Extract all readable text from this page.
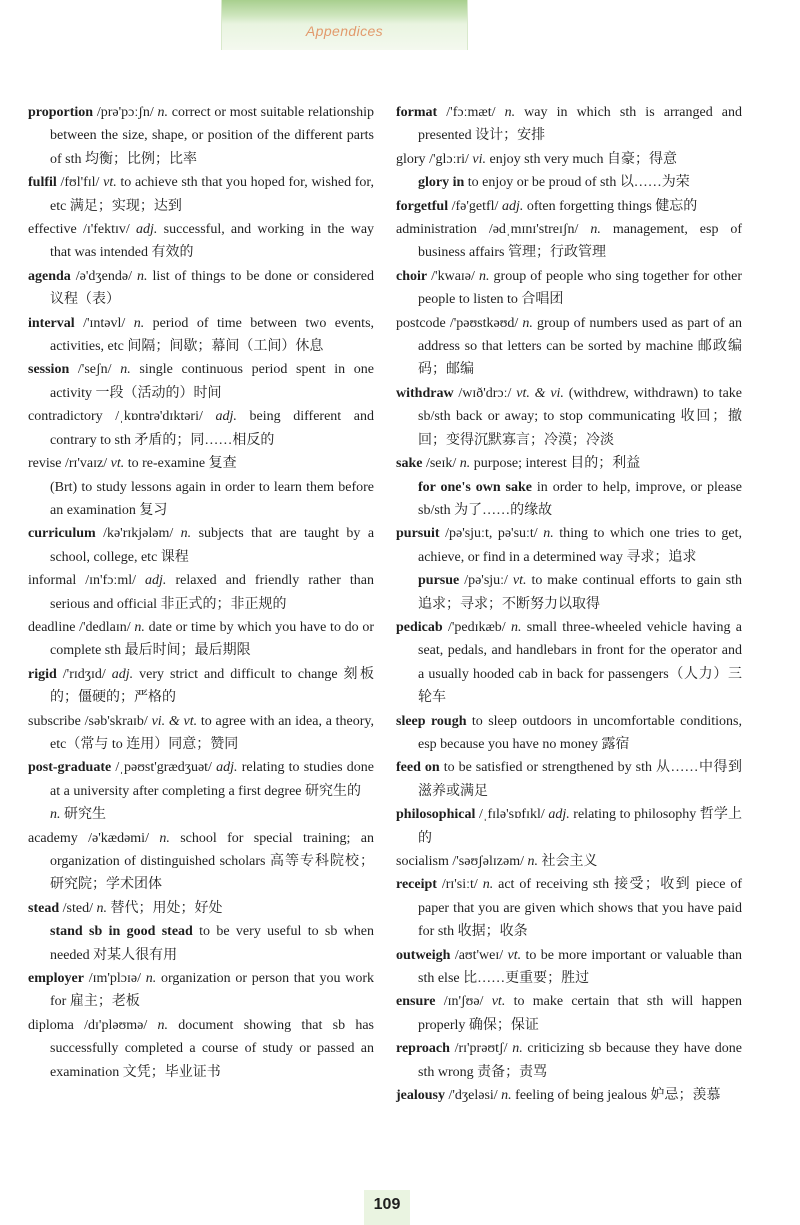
Appendices
proportion /prə'pɔːʃn/ n. correct or most suitable relationship between the size, shape, or position of the different parts of sth 均衡；比例；比率
fulfil /fʊl'fɪl/ vt. to achieve sth that you hoped for, wished for, etc 满足；实现；达到
effective /ɪ'fektɪv/ adj. successful, and working in the way that was intended 有效的
agenda /ə'dʒendə/ n. list of things to be done or considered 议程（表）
interval /'ɪntəvl/ n. period of time between two events, activities, etc 间隔；间歇；幕间（工间）休息
session /'seʃn/ n. single continuous period spent in one activity 一段（活动的）时间
contradictory /ˌkɒntrə'dɪktəri/ adj. being different and contrary to sth 矛盾的；同……相反的
revise /rɪ'vaɪz/ vt. to re-examine 复查
(Brt) to study lessons again in order to learn them before an examination 复习
curriculum /kə'rɪkjələm/ n. subjects that are taught by a school, college, etc 课程
informal /ɪn'fɔːml/ adj. relaxed and friendly rather than serious and official 非正式的；非正规的
deadline /'dedlaɪn/ n. date or time by which you have to do or complete sth 最后时间；最后期限
rigid /'rɪdʒɪd/ adj. very strict and difficult to change 刻板的；僵硬的；严格的
subscribe /səb'skraɪb/ vi. & vt. to agree with an idea, a theory, etc（常与 to 连用）同意；赞同
post-graduate /ˌpəʊst'grædʒuət/ adj. relating to studies done at a university after completing a first degree 研究生的
n. 研究生
academy /ə'kædəmi/ n. school for special training; an organization of distinguished scholars 高等专科院校；研究院；学术团体
stead /sted/ n. 替代；用处；好处
stand sb in good stead to be very useful to sb when needed 对某人很有用
employer /ɪm'plɔɪə/ n. organization or person that you work for 雇主；老板
diploma /dɪ'pləʊmə/ n. document showing that sb has successfully completed a course of study or passed an examination 文凭；毕业证书
format /'fɔːmæt/ n. way in which sth is arranged and presented 设计；安排
glory /'glɔːri/ vi. enjoy sth very much 自豪；得意
glory in to enjoy or be proud of sth 以……为荣
forgetful /fə'getfl/ adj. often forgetting things 健忘的
administration /ədˌmɪnɪ'streɪʃn/ n. management, esp of business affairs 管理；行政管理
choir /'kwaɪə/ n. group of people who sing together for other people to listen to 合唱团
postcode /'pəʊstkəʊd/ n. group of numbers used as part of an address so that letters can be sorted by machine 邮政编码；邮编
withdraw /wɪð'drɔː/ vt. & vi. (withdrew, withdrawn) to take sb/sth back or away; to stop communicating 收回；撤回；变得沉默寡言；冷漠；冷淡
sake /seɪk/ n. purpose; interest 目的；利益
for one's own sake in order to help, improve, or please sb/sth 为了……的缘故
pursuit /pə'sjuːt, pə'suːt/ n. thing to which one tries to get, achieve, or find in a determined way 寻求；追求
pursue /pə'sjuː/ vt. to make continual efforts to gain sth 追求；寻求；不断努力以取得
pedicab /'pedɪkæb/ n. small three-wheeled vehicle having a seat, pedals, and handlebars in front for the operator and a usually hooded cab in back for passengers（人力）三轮车
sleep rough to sleep outdoors in uncomfortable conditions, esp because you have no money 露宿
feed on to be satisfied or strengthened by sth 从……中得到滋养或满足
philosophical /ˌfɪlə'sɒfɪkl/ adj. relating to philosophy 哲学上的
socialism /'səʊʃəlɪzəm/ n. 社会主义
receipt /rɪ'siːt/ n. act of receiving sth 接受；收到 piece of paper that you are given which shows that you have paid for sth 收据；收条
outweigh /aʊt'weɪ/ vt. to be more important or valuable than sth else 比……更重要；胜过
ensure /ɪn'ʃʊə/ vt. to make certain that sth will happen properly 确保；保证
reproach /rɪ'prəʊtʃ/ n. criticizing sb because they have done sth wrong 责备；责骂
jealousy /'dʒeləsi/ n. feeling of being jealous 妒忌；羡慕
109
